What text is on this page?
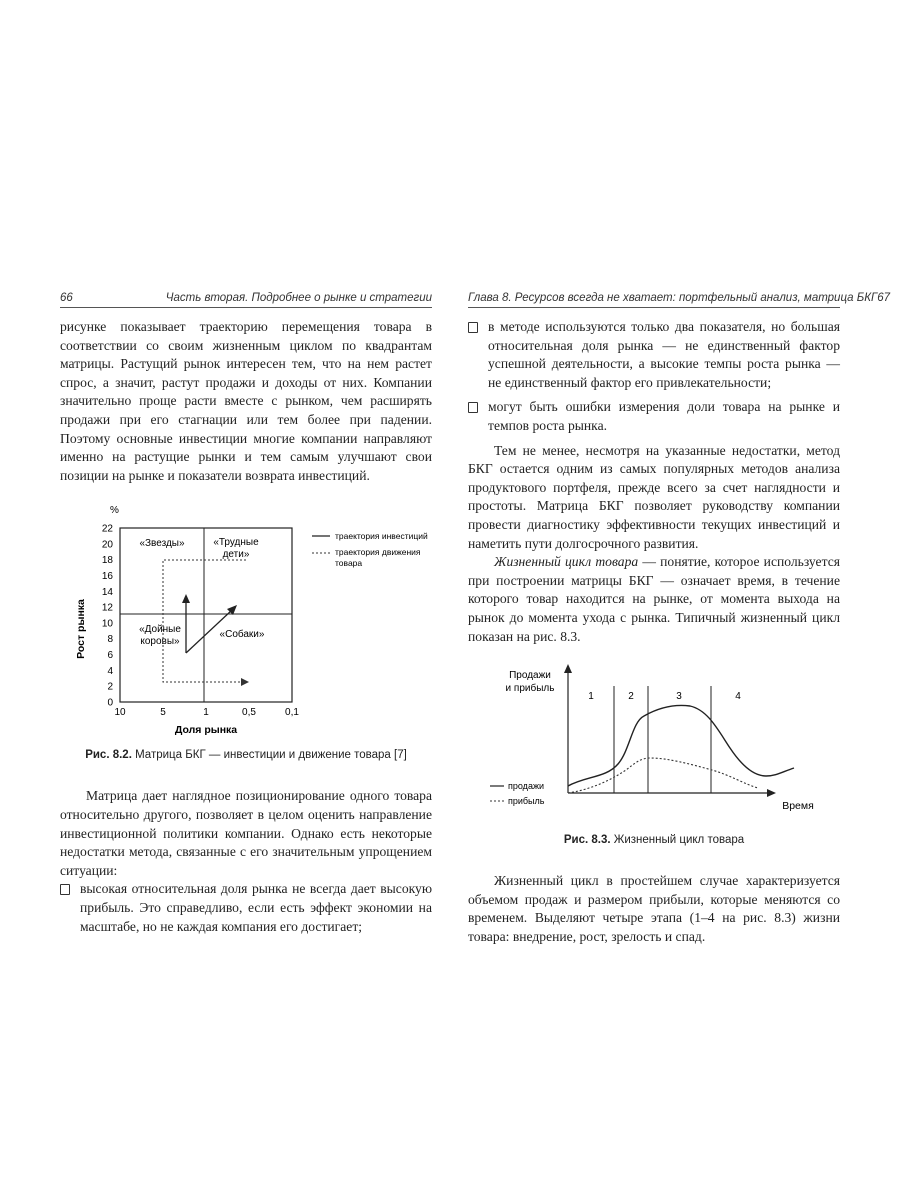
66	Часть вторая. Подробнее о рынке и стратегии

рисунке показывает траекторию перемещения товара в соответствии со своим жизненным циклом по квадрантам матрицы. Растущий рынок интересен тем, что на нем растет спрос, а значит, растут продажи и доходы от них. Компании значительно проще расти вместе с рынком, чем расширять продажи при его стагнации или тем более при падении. Поэтому основные инвестиции многие компании направляют именно на растущие рынки и тем самым улучшают свои позиции на рынке и показатели возврата инвестиций.

%
Рост рынка
22
20
18
16
14
12
10
8
6
4
2
0
10	5	1	0,5	0,1
«Звезды»	«Трудные
дети»
«Дойные
коровы»
«Собаки»
траектория инвестиций
траектория движения
товара
Доля рынка

Рис. 8.2. Матрица БКГ — инвестиции и движение товара [7]

Матрица дает наглядное позиционирование одного товара относительно другого, позволяет в целом оценить направление инвестиционной политики компании. Однако есть некоторые недостатки метода, связанные с его значительным упрощением ситуации:

высокая относительная доля рынка не всегда дает высокую прибыль. Это справедливо, если есть эффект экономии на масштабе, но не каждая компания его достигает;

Глава 8. Ресурсов всегда не хватает: портфельный анализ, матрица БКГ 67

в методе используются только два показателя, но большая относительная доля рынка — не единственный фактор успешной деятельности, а высокие темпы роста рынка — не единственный фактор его привлекательности;

могут быть ошибки измерения доли товара на рынке и темпов роста рынка.

Тем не менее, несмотря на указанные недостатки, метод БКГ остается одним из самых популярных методов анализа продуктового портфеля, прежде всего за счет наглядности и простоты. Матрица БКГ позволяет руководству компании провести диагностику эффективности текущих инвестиций и наметить пути долгосрочного развития.

Жизненный цикл товара — понятие, которое используется при построении матрицы БКГ — означает время, в течение которого товар находится на рынке, от момента выхода на рынок до момента ухода с рынка. Типичный жизненный цикл показан на рис. 8.3.

Продажи
и прибыль
1	2	3	4
продажи
прибыль	Время

Рис. 8.3. Жизненный цикл товара

Жизненный цикл в простейшем случае характеризуется объемом продаж и размером прибыли, которые меняются со временем. Выделяют четыре этапа (1–4 на рис. 8.3) жизни товара: внедрение, рост, зрелость и спад.
